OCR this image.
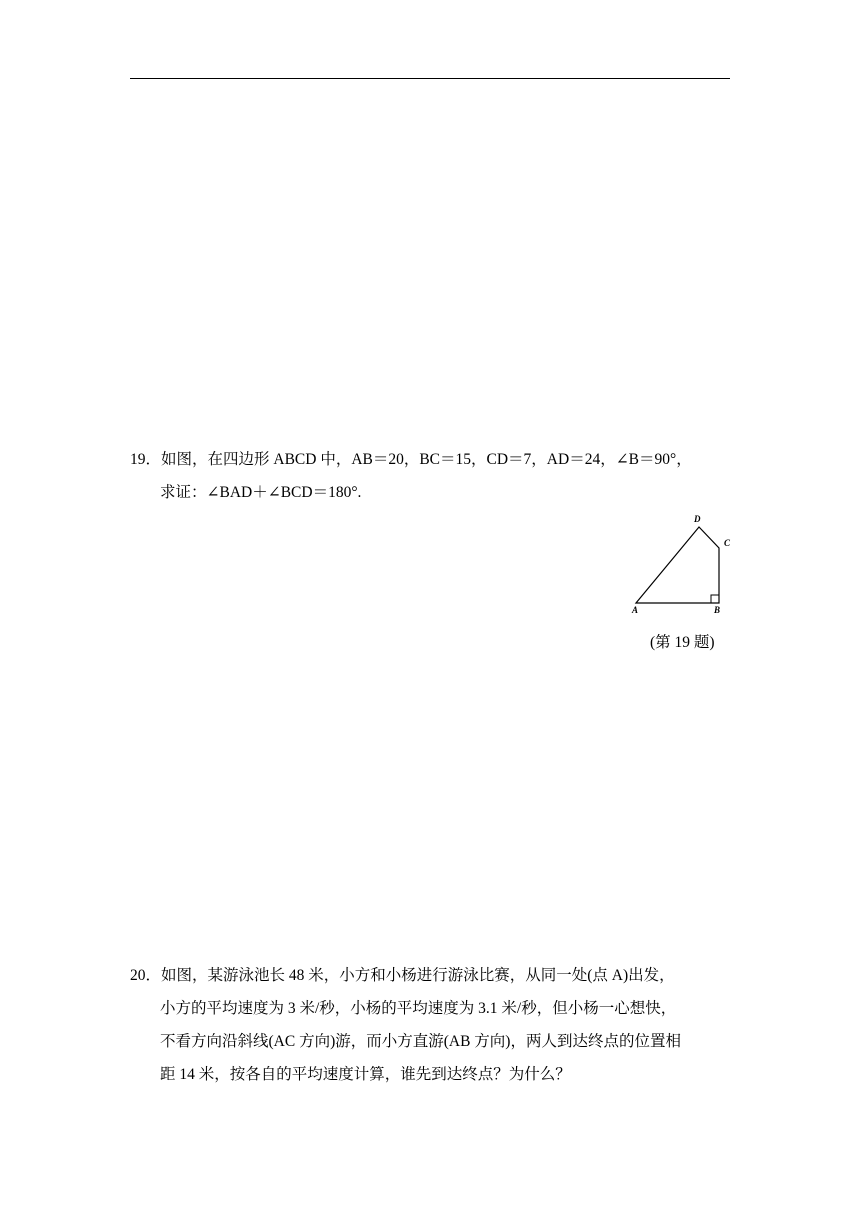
19．如图，在四边形 ABCD 中，AB＝20，BC＝15，CD＝7，AD＝24，∠B＝90°，
求证：∠BAD＋∠BCD＝180°.
A	B
C
D
(第 19 题)
20．如图，某游泳池长 48 米，小方和小杨进行游泳比赛，从同一处(点 A)出发，
小方的平均速度为 3 米/秒，小杨的平均速度为 3.1 米/秒，但小杨一心想快，
不看方向沿斜线(AC 方向)游，而小方直游(AB 方向)，两人到达终点的位置相
距 14 米，按各自的平均速度计算，谁先到达终点？为什么？
